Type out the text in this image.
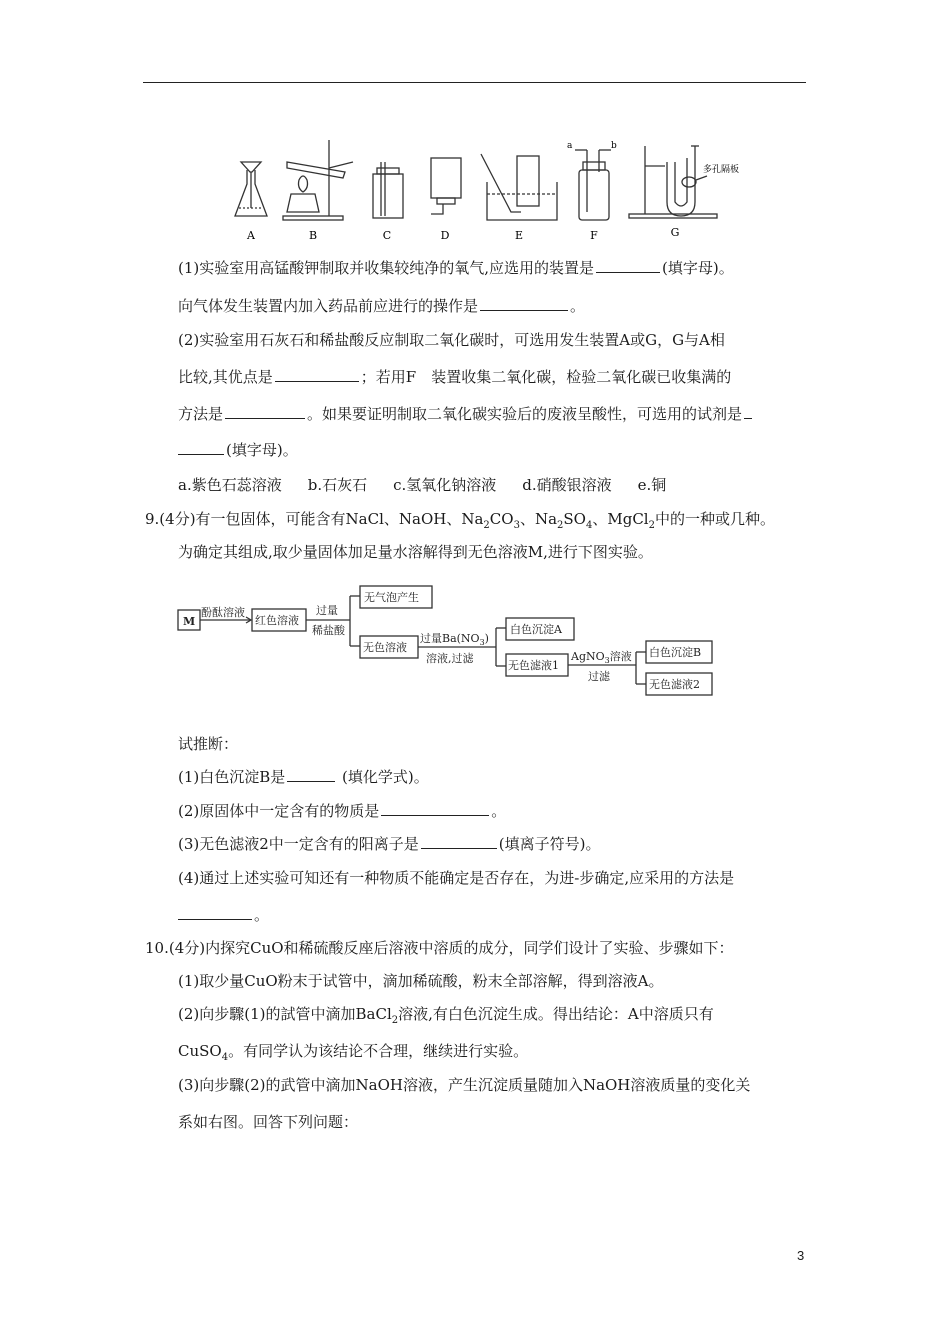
a	b
多孔隔板
A	B	C	D	E	F	G
(1)实验室用高锰酸钾制取并收集较纯净的氧气,应选用的装置是	(填字母)。
向气体发生装置内加入药品前应进行的操作是	。
(2)实验室用石灰石和稀盐酸反应制取二氧化碳时，可选用发生装置A或G，G与A相
比较,其优点是	；若用F　装置收集二氧化碳，检验二氧化碳已收集满的
方法是	。如果要证明制取二氧化碳实验后的废液呈酸性，可选用的试剂是
(填字母)。
a.紫色石蕊溶液 b.石灰石 c.氢氧化钠溶液 d.硝酸银溶液 e.铜
9.(4分)有一包固体，可能含有NaCl、NaOH、$Na_2CO_3$、$Na_2SO_4$、MgCl$_2$中的一种或几种。
为确定其组成,取少量固体加足量水溶解得到无色溶液M,进行下图实验。
M
酚酞溶液
红色溶液
过量
稀盐酸
无气泡产生
无色溶液
过量$Ba(NO_3)$
溶液,过滤
白色沉淀A
无色滤液1
AgNO$_3$溶液
过滤
白色沉淀B
无色滤液2
试推断：
(1)白色沉淀B是	(填化学式)。
(2)原固体中一定含有的物质是	。
(3)无色滤液2中一定含有的阳离子是	(填离子符号)。
(4)通过上述实验可知还有一种物质不能确定是否存在，为进-步确定,应采用的方法是
。
10.(4分)内探究CuO和稀硫酸反座后溶液中溶质的成分，同学们设计了实验、步骤如下：
(1)取少量CuO粉末于试管中，滴加稀硫酸，粉末全部溶解，得到溶液A。
(2)向步驟(1)的試管中滴加BaCl$_2$溶液,有白色沉淀生成。得出结论：A中溶质只有
CuSO$_4$。有同学认为该结论不合理，继续进行实验。
(3)向步驟(2)的武管中滴加NaOH溶液，产生沉淀质量随加入NaOH溶液质量的变化关
系如右图。回答下列问题：
3
